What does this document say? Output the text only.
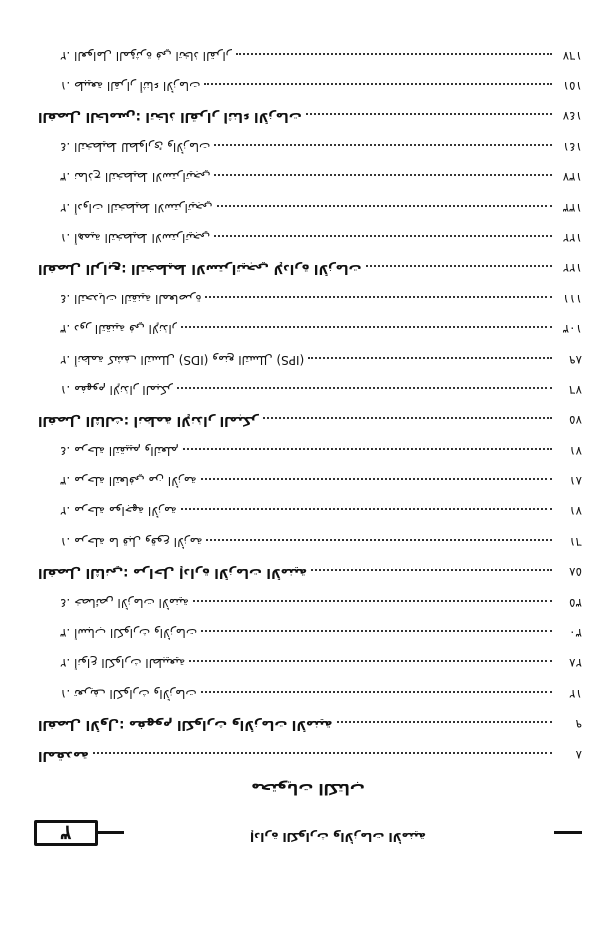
٣	إدارة الكوارث والأزمات الأمنية
محتويات الكتاب
المقدمة	٨
الفصل الأول: مفهوم الكوارث والأزمات الأمنية	٩
١. تعريف الكوارث والأزمات	١٢
٢. أنواع الكوارث الطبيعية	٢٨
٣. أسباب الكوارث والأزمات	٣٠
٤. خصائص الأزمات الأمنية	٣٥
الفصل الثاني: مراحل إدارة الأزمات الأمنية	٥٨
١. مرحلة ما قبل وقوع الأزمة	٦١
٢. مرحلة مواجهة الأزمة	٧١
٣. مرحلة التعافي من الأزمة	٨١
٤. مرحلة التقييم والتعلم	٧١
الفصل الثالث: أنظمة الإنذار المبكر	٧٥
١. مفهوم الإنذار المبكر	٧٦
٢. أنظمة كشف التسلل (IDS) ومنع التسلل (IPS)	٨٩
٣. دور التقنية في الإنذار	١٠٣
٤. التحديات التقنية المعاصرة	١١١
الفصل الرابع: التخطيط الاستراتيجي لإدارة الأزمات	١٢٢
١. أهمية التخطيط الاستراتيجي	١٢٢
٢. أدوات التخطيط الاستراتيجي	١٣٣
٣. نماذج التخطيط الاستراتيجي	١٣٧
٤. التخطيط للطوارئ والأزمات	١٤١
الفصل الخامس: اتخاذ القرار أثناء الأزمات	١٤٧
١. طبيعة القرار أثناء الأزمات	١٥١
٢. العوامل المؤثرة في اتخاذ القرار	١٦٧
